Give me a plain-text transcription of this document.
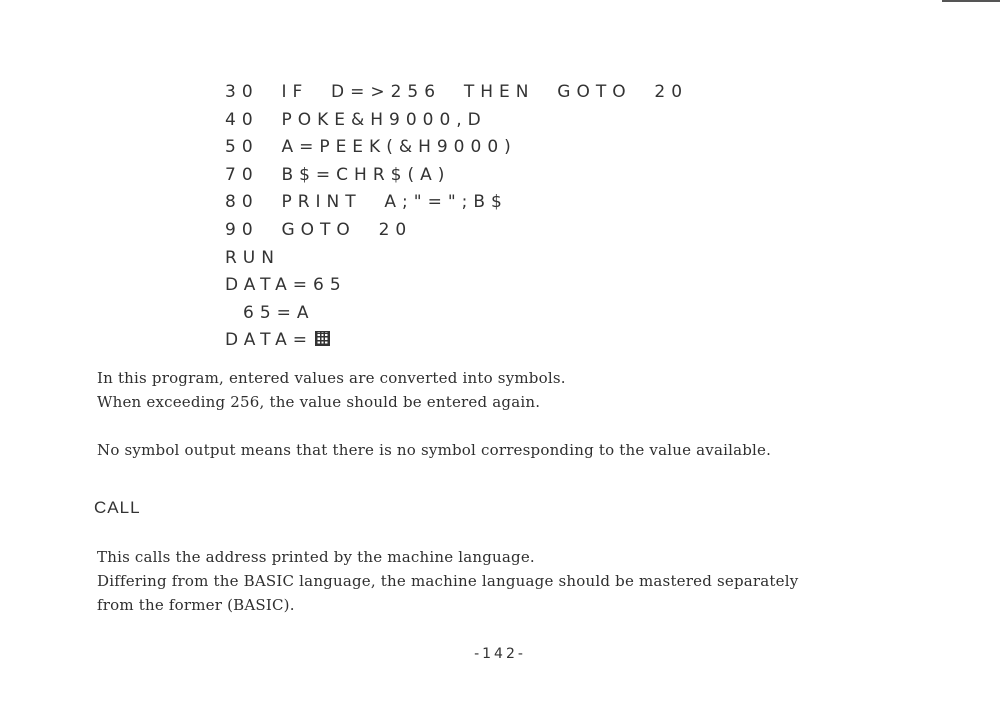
30  IF  D=>256  THEN  GOTO  20
40  POKE&H9000,D
50  A=PEEK(&H9000)
70  B$=CHR$(A)
80  PRINT  A;"=";B$
90  GOTO  20
RUN
DATA=65
65=A
DATA=
In this program, entered values are converted into symbols.
When exceeding 256, the value should be entered again.
No symbol output means that there is no symbol corresponding to the value available.
CALL
This calls the address printed by the machine language.
Differing from the BASIC language, the machine language should be mastered separately
from the former (BASIC).
-142-
